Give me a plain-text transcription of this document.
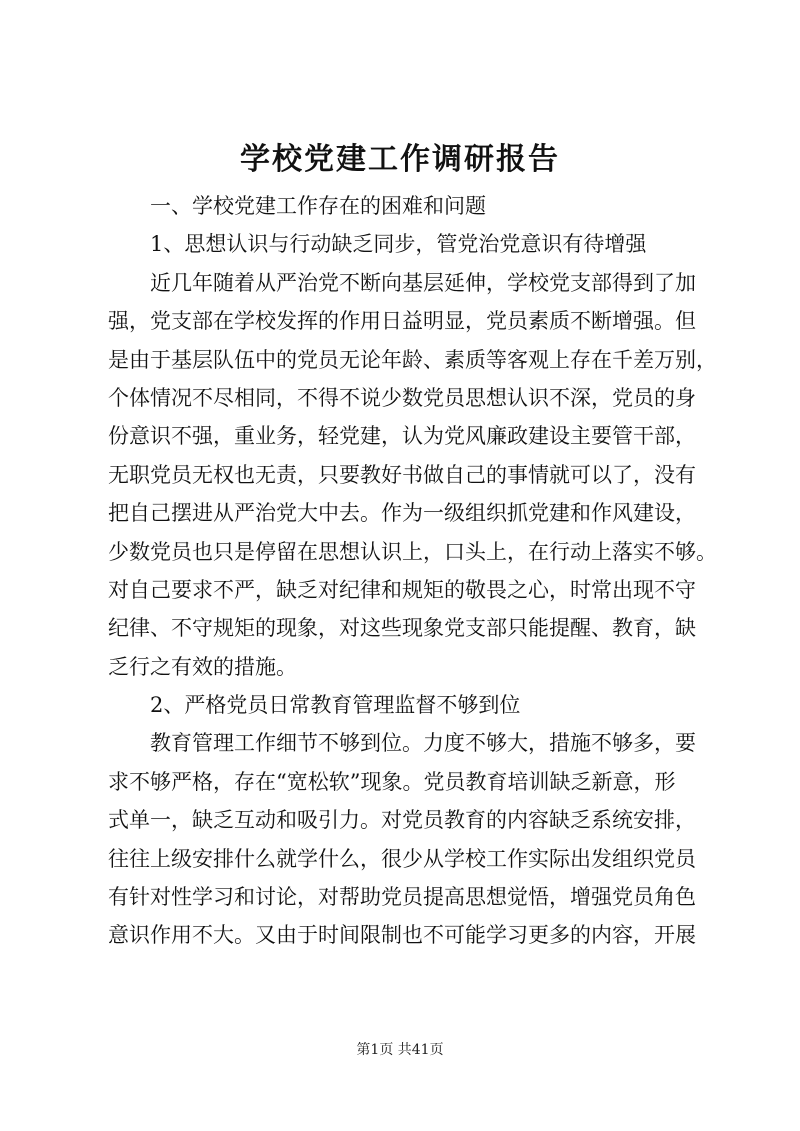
学校党建工作调研报告
一、学校党建工作存在的困难和问题
1、思想认识与行动缺乏同步，管党治党意识有待增强
近几年随着从严治党不断向基层延伸，学校党支部得到了加
强，党支部在学校发挥的作用日益明显，党员素质不断增强。但
是由于基层队伍中的党员无论年龄、素质等客观上存在千差万别，
个体情况不尽相同，不得不说少数党员思想认识不深，党员的身
份意识不强，重业务，轻党建，认为党风廉政建设主要管干部，
无职党员无权也无责，只要教好书做自己的事情就可以了，没有
把自己摆进从严治党大中去。作为一级组织抓党建和作风建设，
少数党员也只是停留在思想认识上，口头上，在行动上落实不够。
对自己要求不严，缺乏对纪律和规矩的敬畏之心，时常出现不守
纪律、不守规矩的现象，对这些现象党支部只能提醒、教育，缺
乏行之有效的措施。
2、严格党员日常教育管理监督不够到位
教育管理工作细节不够到位。力度不够大，措施不够多，要
求不够严格，存在“宽松软”现象。党员教育培训缺乏新意，形
式单一，缺乏互动和吸引力。对党员教育的内容缺乏系统安排，
往往上级安排什么就学什么，很少从学校工作实际出发组织党员
有针对性学习和讨论，对帮助党员提高思想觉悟，增强党员角色
意识作用不大。又由于时间限制也不可能学习更多的内容，开展
第1页 共41页
